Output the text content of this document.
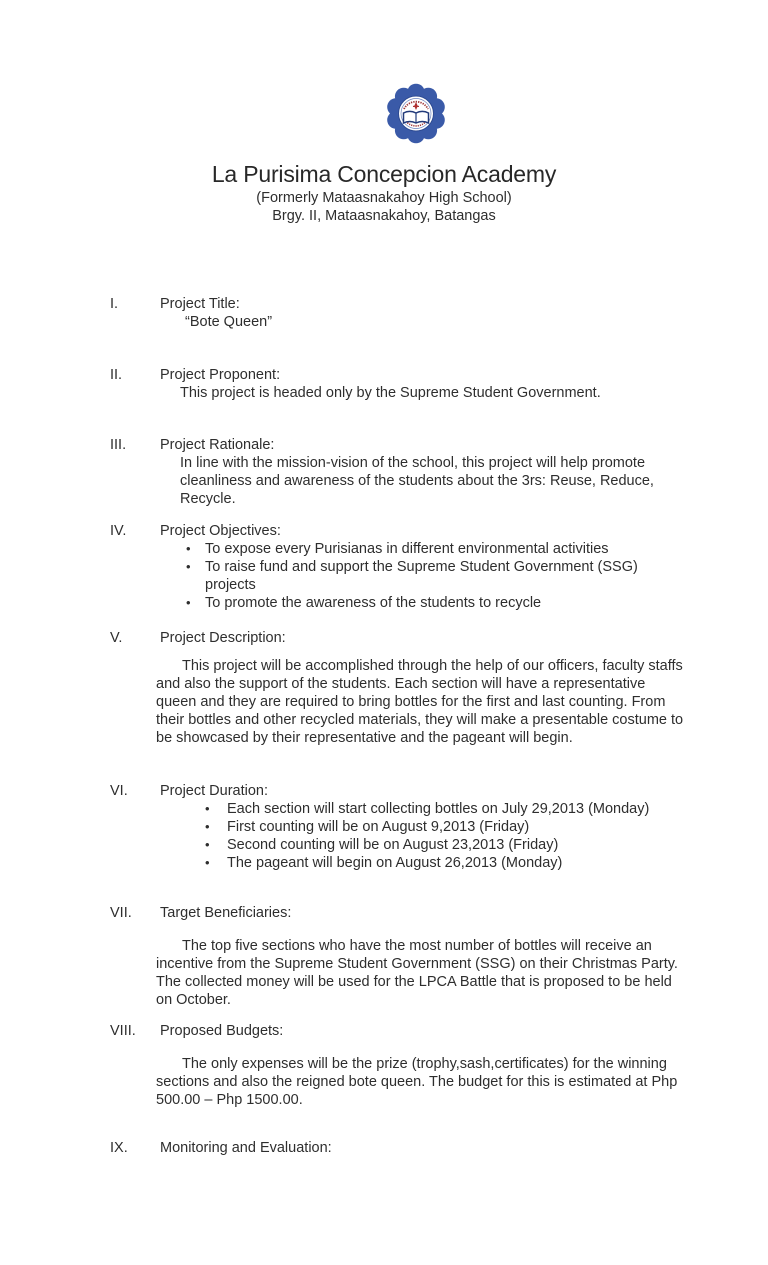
La Purisima Concepcion Academy
(Formerly Mataasnakahoy High School)
Brgy. II, Mataasnakahoy, Batangas
I.	Project Title:
“Bote Queen”
II.	Project Proponent:
This project is headed only by the Supreme Student Government.
III.	Project Rationale:
In line with the mission-vision of the school, this project will help promote cleanliness and awareness of the students about the 3rs: Reuse, Reduce, Recycle.
IV.	Project Objectives:
• To expose every Purisianas in different environmental activities
• To raise fund and support the Supreme Student Government (SSG) projects
• To promote the awareness of the students to recycle
V.	Project Description:
This project will be accomplished through the help of our officers, faculty staffs and also the support of the students. Each section will have a representative queen and they are required to bring bottles for the first and last counting. From their bottles and other recycled materials, they will make a presentable costume to be showcased by their representative and the pageant will begin.
VI.	Project Duration:
•	Each section will start collecting bottles on July 29,2013 (Monday)
•	First counting will be on August 9,2013 (Friday)
•	Second counting will be on August 23,2013 (Friday)
•	The pageant will begin on August 26,2013 (Monday)
VII.	Target Beneficiaries:
The top five sections who have the most number of bottles will receive an incentive from the Supreme Student Government (SSG) on their Christmas Party. The collected money will be used for the LPCA Battle that is proposed to be held on October.
VIII.	Proposed Budgets:
The only expenses will be the prize (trophy,sash,certificates) for the winning sections and also the reigned bote queen. The budget for this is estimated at Php 500.00 – Php 1500.00.
IX.	Monitoring and Evaluation:
